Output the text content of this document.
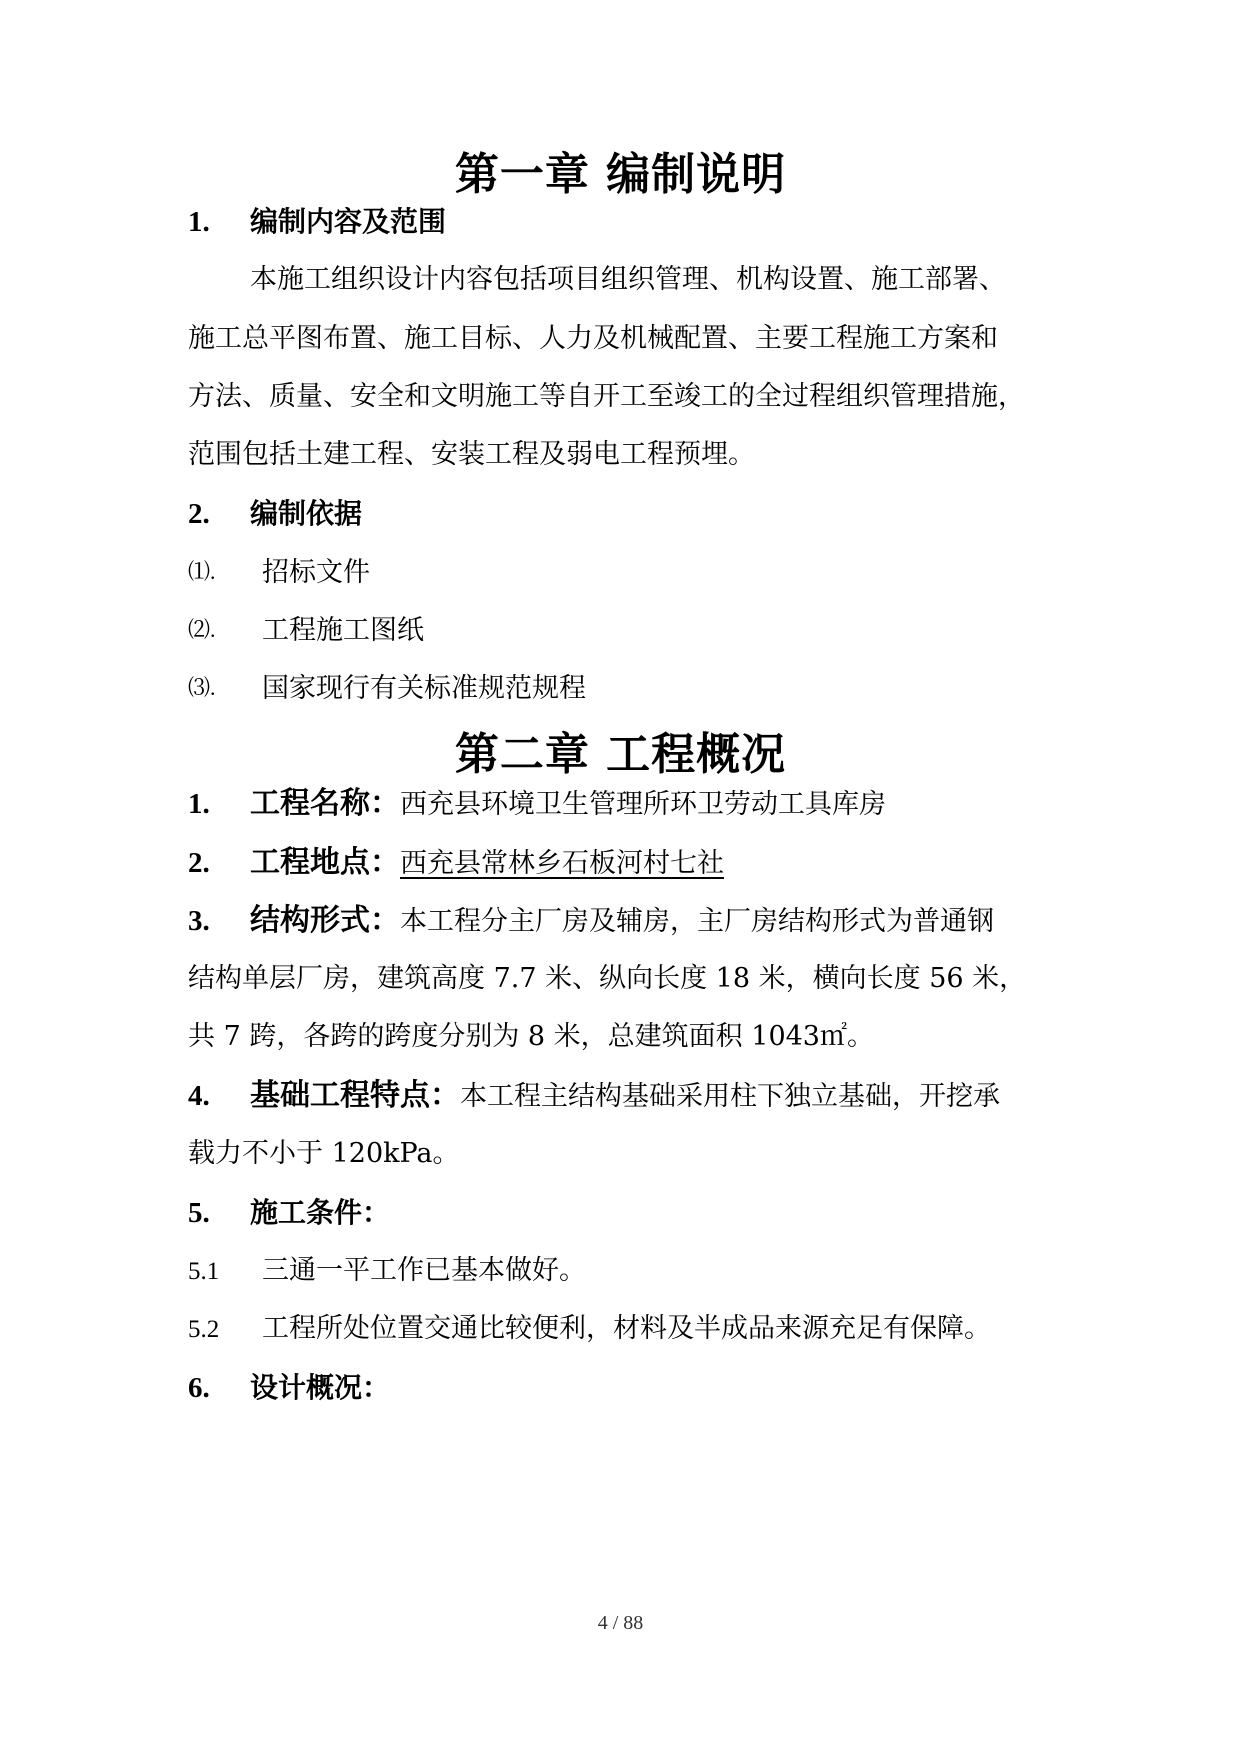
第一章 编制说明
1. 编制内容及范围
本施工组织设计内容包括项目组织管理、机构设置、施工部署、
施工总平图布置、施工目标、人力及机械配置、主要工程施工方案和
方法、质量、安全和文明施工等自开工至竣工的全过程组织管理措施，
范围包括土建工程、安装工程及弱电工程预埋。
2. 编制依据
⑴. 招标文件
⑵. 工程施工图纸
⑶. 国家现行有关标准规范规程
第二章 工程概况
1. 工程名称：西充县环境卫生管理所环卫劳动工具库房
2. 工程地点：西充县常林乡石板河村七社
3. 结构形式：本工程分主厂房及辅房，主厂房结构形式为普通钢
结构单层厂房，建筑高度 7.7 米、纵向长度 18 米，横向长度 56 米，
共 7 跨，各跨的跨度分别为 8 米，总建筑面积 1043㎡。
4. 基础工程特点：本工程主结构基础采用柱下独立基础，开挖承
载力不小于 120kPa。
5. 施工条件：
5.1 三通一平工作已基本做好。
5.2 工程所处位置交通比较便利，材料及半成品来源充足有保障。
6. 设计概况：
4 / 88
